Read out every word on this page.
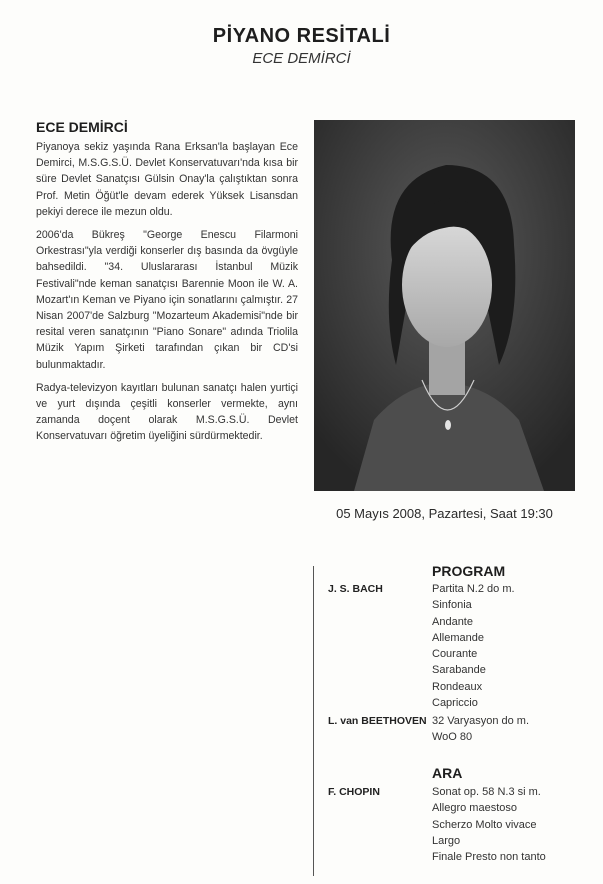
PİYANO RESİTALİ
ECE DEMİRCİ
ECE DEMİRCİ

Piyanoya sekiz yaşında Rana Erksan'la başlayan Ece Demirci, M.S.G.S.Ü. Devlet Konservatuvarı'nda kısa bir süre Devlet Sanatçısı Gülsin Onay'la çalıştıktan sonra Prof. Metin Öğüt'le devam ederek Yüksek Lisansdan pekiyi derece ile mezun oldu.

2006'da Bükreş "George Enescu Filarmoni Orkestrası"yla verdiği konserler dış basında da övgüyle bahsedildi. "34. Uluslararası İstanbul Müzik Festivali"nde keman sanatçısı Barennie Moon ile W. A. Mozart'ın Keman ve Piyano için sonatlarını çalmıştır. 27 Nisan 2007'de Salzburg "Mozarteum Akademisi"nde bir resital veren sanatçının "Piano Sonare" adında Triolila Müzik Yapım Şirketi tarafından çıkan bir CD'si bulunmaktadır.

Radya-televizyon kayıtları bulunan sanatçı halen yurtiçi ve yurt dışında çeşitli konserler vermekte, aynı zamanda doçent olarak M.S.G.S.Ü. Devlet Konservatuvarı öğretim üyeliğini sürdürmektedir.

05 Mayıs 2008, Pazartesi, Saat 19:30
PROGRAM
J. S. BACH	Partita N.2 do m.
Sinfonia
Andante
Allemande
Courante
Sarabande
Rondeaux
Capriccio
L. van BEETHOVEN 32 Varyasyon do m.
WoO 80
ARA
F. CHOPIN	Sonat op. 58 N.3 si m.
Allegro maestoso
Scherzo Molto vivace
Largo
Finale Presto non tanto
